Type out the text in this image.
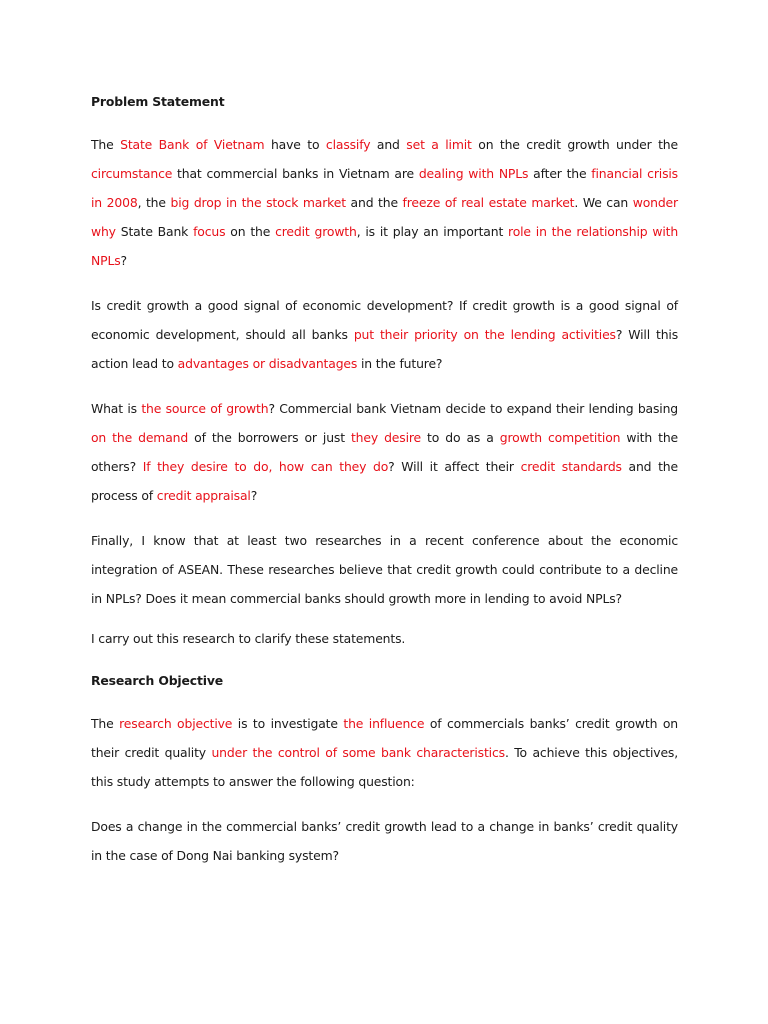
Problem Statement
The State Bank of Vietnam have to classify and set a limit on the credit growth under the circumstance that commercial banks in Vietnam are dealing with NPLs after the financial crisis in 2008, the big drop in the stock market and the freeze of real estate market. We can wonder why State Bank focus on the credit growth, is it play an important role in the relationship with NPLs?
Is credit growth a good signal of economic development? If credit growth is a good signal of economic development, should all banks put their priority on the lending activities? Will this action lead to advantages or disadvantages in the future?
What is the source of growth? Commercial bank Vietnam decide to expand their lending basing on the demand of the borrowers or just they desire to do as a growth competition with the others? If they desire to do, how can they do? Will it affect their credit standards and the process of credit appraisal?
Finally, I know that at least two researches in a recent conference about the economic integration of ASEAN. These researches believe that credit growth could contribute to a decline in NPLs? Does it mean commercial banks should growth more in lending to avoid NPLs?
I carry out this research to clarify these statements.
Research Objective
The research objective is to investigate the influence of commercials banks’ credit growth on their credit quality under the control of some bank characteristics. To achieve this objectives, this study attempts to answer the following question:
Does a change in the commercial banks’ credit growth lead to a change in banks’ credit quality in the case of Dong Nai banking system?
